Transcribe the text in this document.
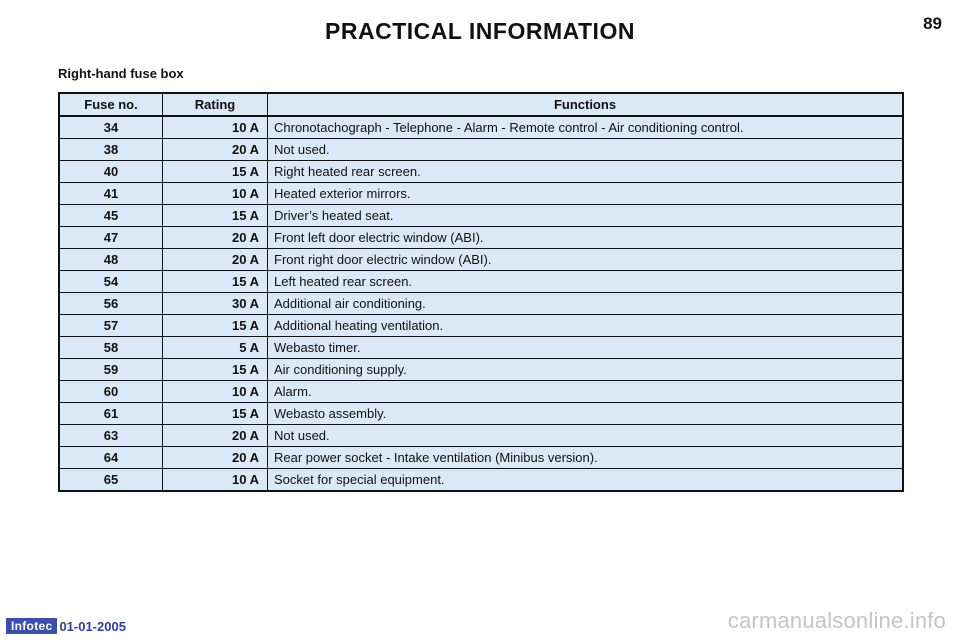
PRACTICAL INFORMATION	89
Right-hand fuse box
Fuse no.	Rating	Functions
34	10 A	Chronotachograph - Telephone - Alarm - Remote control - Air conditioning control.
38	20 A	Not used.
40	15 A	Right heated rear screen.
41	10 A	Heated exterior mirrors.
45	15 A	Driver’s heated seat.
47	20 A	Front left door electric window (ABI).
48	20 A	Front right door electric window (ABI).
54	15 A	Left heated rear screen.
56	30 A	Additional air conditioning.
57	15 A	Additional heating ventilation.
58	5 A	Webasto timer.
59	15 A	Air conditioning supply.
60	10 A	Alarm.
61	15 A	Webasto assembly.
63	20 A	Not used.
64	20 A	Rear power socket - Intake ventilation (Minibus version).
65	10 A	Socket for special equipment.
Infotec 01-01-2005	carmanualsonline.info
